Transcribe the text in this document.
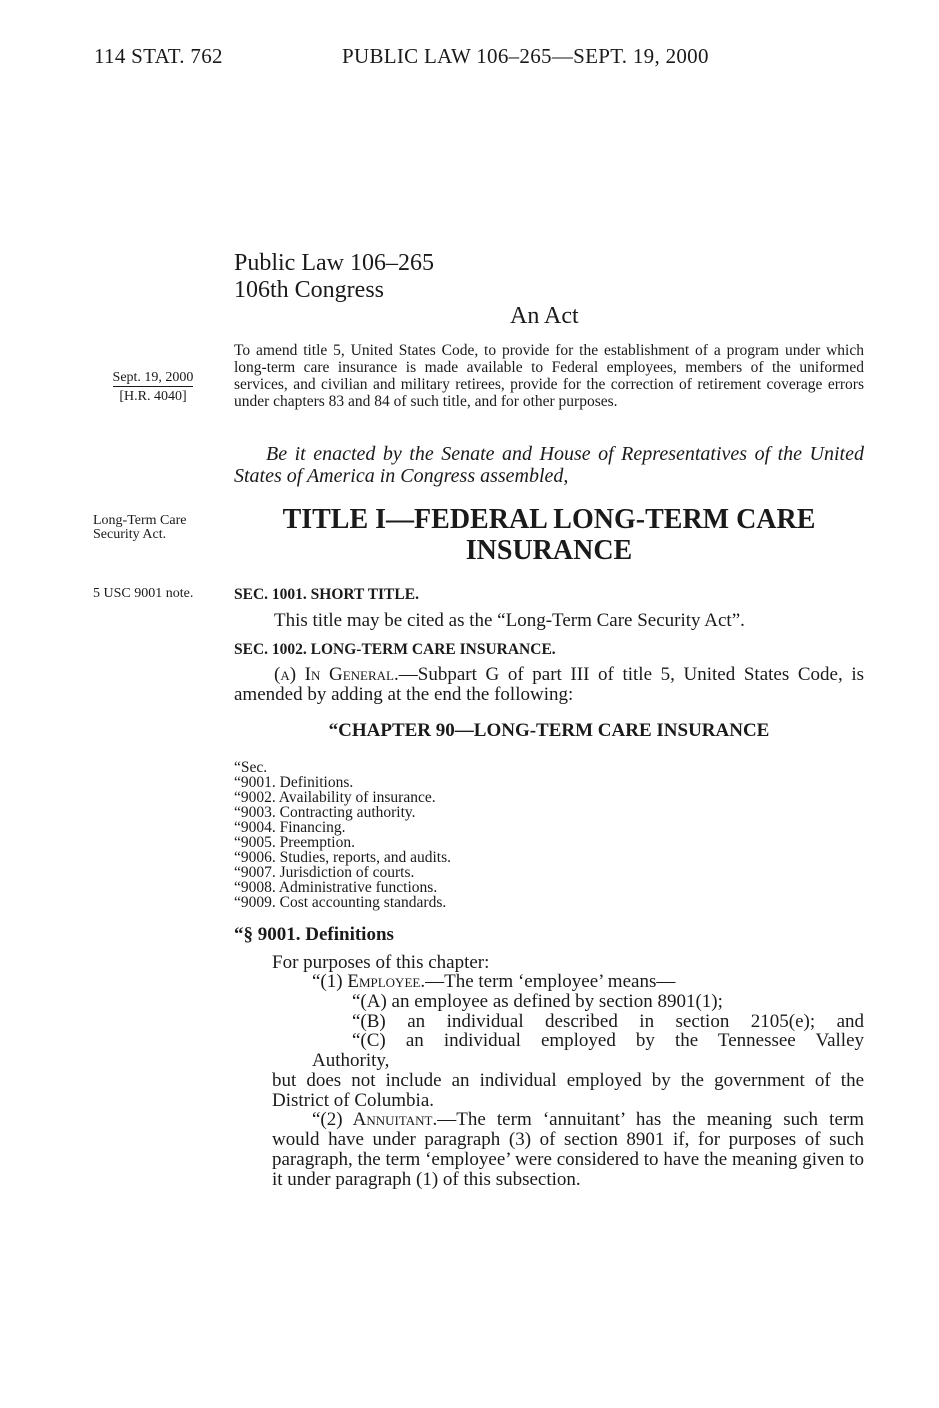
114 STAT. 762	PUBLIC LAW 106–265—SEPT. 19, 2000
Public Law 106–265
106th Congress
An Act
Sept. 19, 2000
[H.R. 4040]
Long-Term Care
Security Act.
5 USC 9001 note.
To amend title 5, United States Code, to provide for the establishment of a program under which long-term care insurance is made available to Federal employees, members of the uniformed services, and civilian and military retirees, provide for the correction of retirement coverage errors under chapters 83 and 84 of such title, and for other purposes.
Be it enacted by the Senate and House of Representatives of the United States of America in Congress assembled,
TITLE I—FEDERAL LONG-TERM CARE
INSURANCE
SEC. 1001. SHORT TITLE.
This title may be cited as the “Long-Term Care Security Act”.
SEC. 1002. LONG-TERM CARE INSURANCE.
(a) In General.—Subpart G of part III of title 5, United States Code, is amended by adding at the end the following:
“CHAPTER 90—LONG-TERM CARE INSURANCE
“Sec.
“9001. Definitions.
“9002. Availability of insurance.
“9003. Contracting authority.
“9004. Financing.
“9005. Preemption.
“9006. Studies, reports, and audits.
“9007. Jurisdiction of courts.
“9008. Administrative functions.
“9009. Cost accounting standards.
“§ 9001. Definitions
For purposes of this chapter:
“(1) Employee.—The term ‘employee’ means—
“(A) an employee as defined by section 8901(1);
“(B) an individual described in section 2105(e); and
“(C) an individual employed by the Tennessee Valley
Authority,
but does not include an individual employed by the government of the District of Columbia.
“(2) Annuitant.—The term ‘annuitant’ has the meaning such term would have under paragraph (3) of section 8901 if, for purposes of such paragraph, the term ‘employee’ were considered to have the meaning given to it under paragraph (1) of this subsection.
